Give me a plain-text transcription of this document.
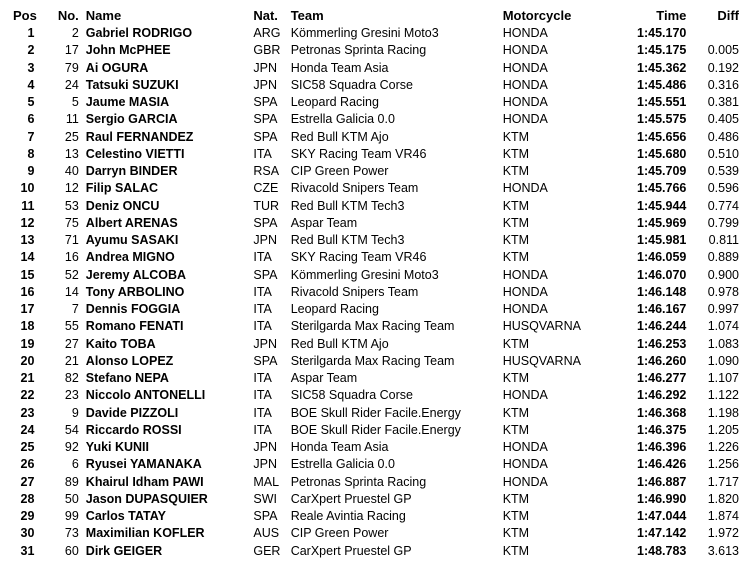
Pos	No.	Name	Nat.	Team	Motorcycle	Time	Diff
1	2	Gabriel RODRIGO	ARG	Kömmerling Gresini Moto3	HONDA	1:45.170	
2	17	John McPHEE	GBR	Petronas Sprinta Racing	HONDA	1:45.175	0.005
3	79	Ai OGURA	JPN	Honda Team Asia	HONDA	1:45.362	0.192
4	24	Tatsuki SUZUKI	JPN	SIC58 Squadra Corse	HONDA	1:45.486	0.316
5	5	Jaume MASIA	SPA	Leopard Racing	HONDA	1:45.551	0.381
6	11	Sergio GARCIA	SPA	Estrella Galicia 0.0	HONDA	1:45.575	0.405
7	25	Raul FERNANDEZ	SPA	Red Bull KTM Ajo	KTM	1:45.656	0.486
8	13	Celestino VIETTI	ITA	SKY Racing Team VR46	KTM	1:45.680	0.510
9	40	Darryn BINDER	RSA	CIP Green Power	KTM	1:45.709	0.539
10	12	Filip SALAC	CZE	Rivacold Snipers Team	HONDA	1:45.766	0.596
11	53	Deniz ONCU	TUR	Red Bull KTM Tech3	KTM	1:45.944	0.774
12	75	Albert ARENAS	SPA	Aspar Team	KTM	1:45.969	0.799
13	71	Ayumu SASAKI	JPN	Red Bull KTM Tech3	KTM	1:45.981	0.811
14	16	Andrea MIGNO	ITA	SKY Racing Team VR46	KTM	1:46.059	0.889
15	52	Jeremy ALCOBA	SPA	Kömmerling Gresini Moto3	HONDA	1:46.070	0.900
16	14	Tony ARBOLINO	ITA	Rivacold Snipers Team	HONDA	1:46.148	0.978
17	7	Dennis FOGGIA	ITA	Leopard Racing	HONDA	1:46.167	0.997
18	55	Romano FENATI	ITA	Sterilgarda Max Racing Team	HUSQVARNA	1:46.244	1.074
19	27	Kaito TOBA	JPN	Red Bull KTM Ajo	KTM	1:46.253	1.083
20	21	Alonso LOPEZ	SPA	Sterilgarda Max Racing Team	HUSQVARNA	1:46.260	1.090
21	82	Stefano NEPA	ITA	Aspar Team	KTM	1:46.277	1.107
22	23	Niccolo ANTONELLI	ITA	SIC58 Squadra Corse	HONDA	1:46.292	1.122
23	9	Davide PIZZOLI	ITA	BOE Skull Rider Facile.Energy	KTM	1:46.368	1.198
24	54	Riccardo ROSSI	ITA	BOE Skull Rider Facile.Energy	KTM	1:46.375	1.205
25	92	Yuki KUNII	JPN	Honda Team Asia	HONDA	1:46.396	1.226
26	6	Ryusei YAMANAKA	JPN	Estrella Galicia 0.0	HONDA	1:46.426	1.256
27	89	Khairul Idham PAWI	MAL	Petronas Sprinta Racing	HONDA	1:46.887	1.717
28	50	Jason DUPASQUIER	SWI	CarXpert Pruestel GP	KTM	1:46.990	1.820
29	99	Carlos TATAY	SPA	Reale Avintia Racing	KTM	1:47.044	1.874
30	73	Maximilian KOFLER	AUS	CIP Green Power	KTM	1:47.142	1.972
31	60	Dirk GEIGER	GER	CarXpert Pruestel GP	KTM	1:48.783	3.613
